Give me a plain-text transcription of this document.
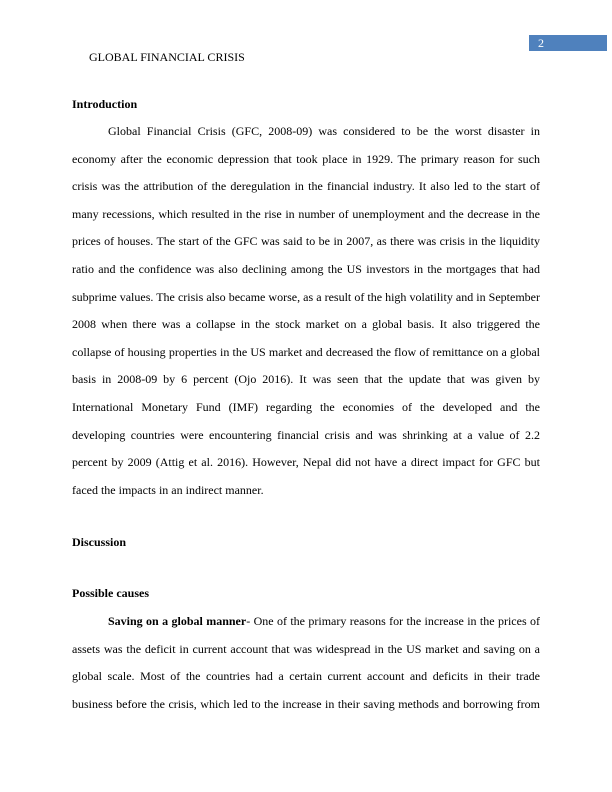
2
GLOBAL FINANCIAL CRISIS
Introduction
Global Financial Crisis (GFC, 2008-09) was considered to be the worst disaster in
economy after the economic depression that took place in 1929. The primary reason for such
crisis was the attribution of the deregulation in the financial industry. It also led to the start of
many recessions, which resulted in the rise in number of unemployment and the decrease in the
prices of houses. The start of the GFC was said to be in 2007, as there was crisis in the liquidity
ratio and the confidence was also declining among the US investors in the mortgages that had
subprime values. The crisis also became worse, as a result of the high volatility and in September
2008 when there was a collapse in the stock market on a global basis. It also triggered the
collapse of housing properties in the US market and decreased the flow of remittance on a global
basis in 2008-09 by 6 percent (Ojo 2016). It was seen that the update that was given by
International Monetary Fund (IMF) regarding the economies of the developed and the
developing countries were encountering financial crisis and was shrinking at a value of 2.2
percent by 2009 (Attig et al. 2016). However, Nepal did not have a direct impact for GFC but
faced the impacts in an indirect manner.
Discussion
Possible causes
Saving on a global manner- One of the primary reasons for the increase in the prices of
assets was the deficit in current account that was widespread in the US market and saving on a
global scale. Most of the countries had a certain current account and deficits in their trade
business before the crisis, which led to the increase in their saving methods and borrowing from
